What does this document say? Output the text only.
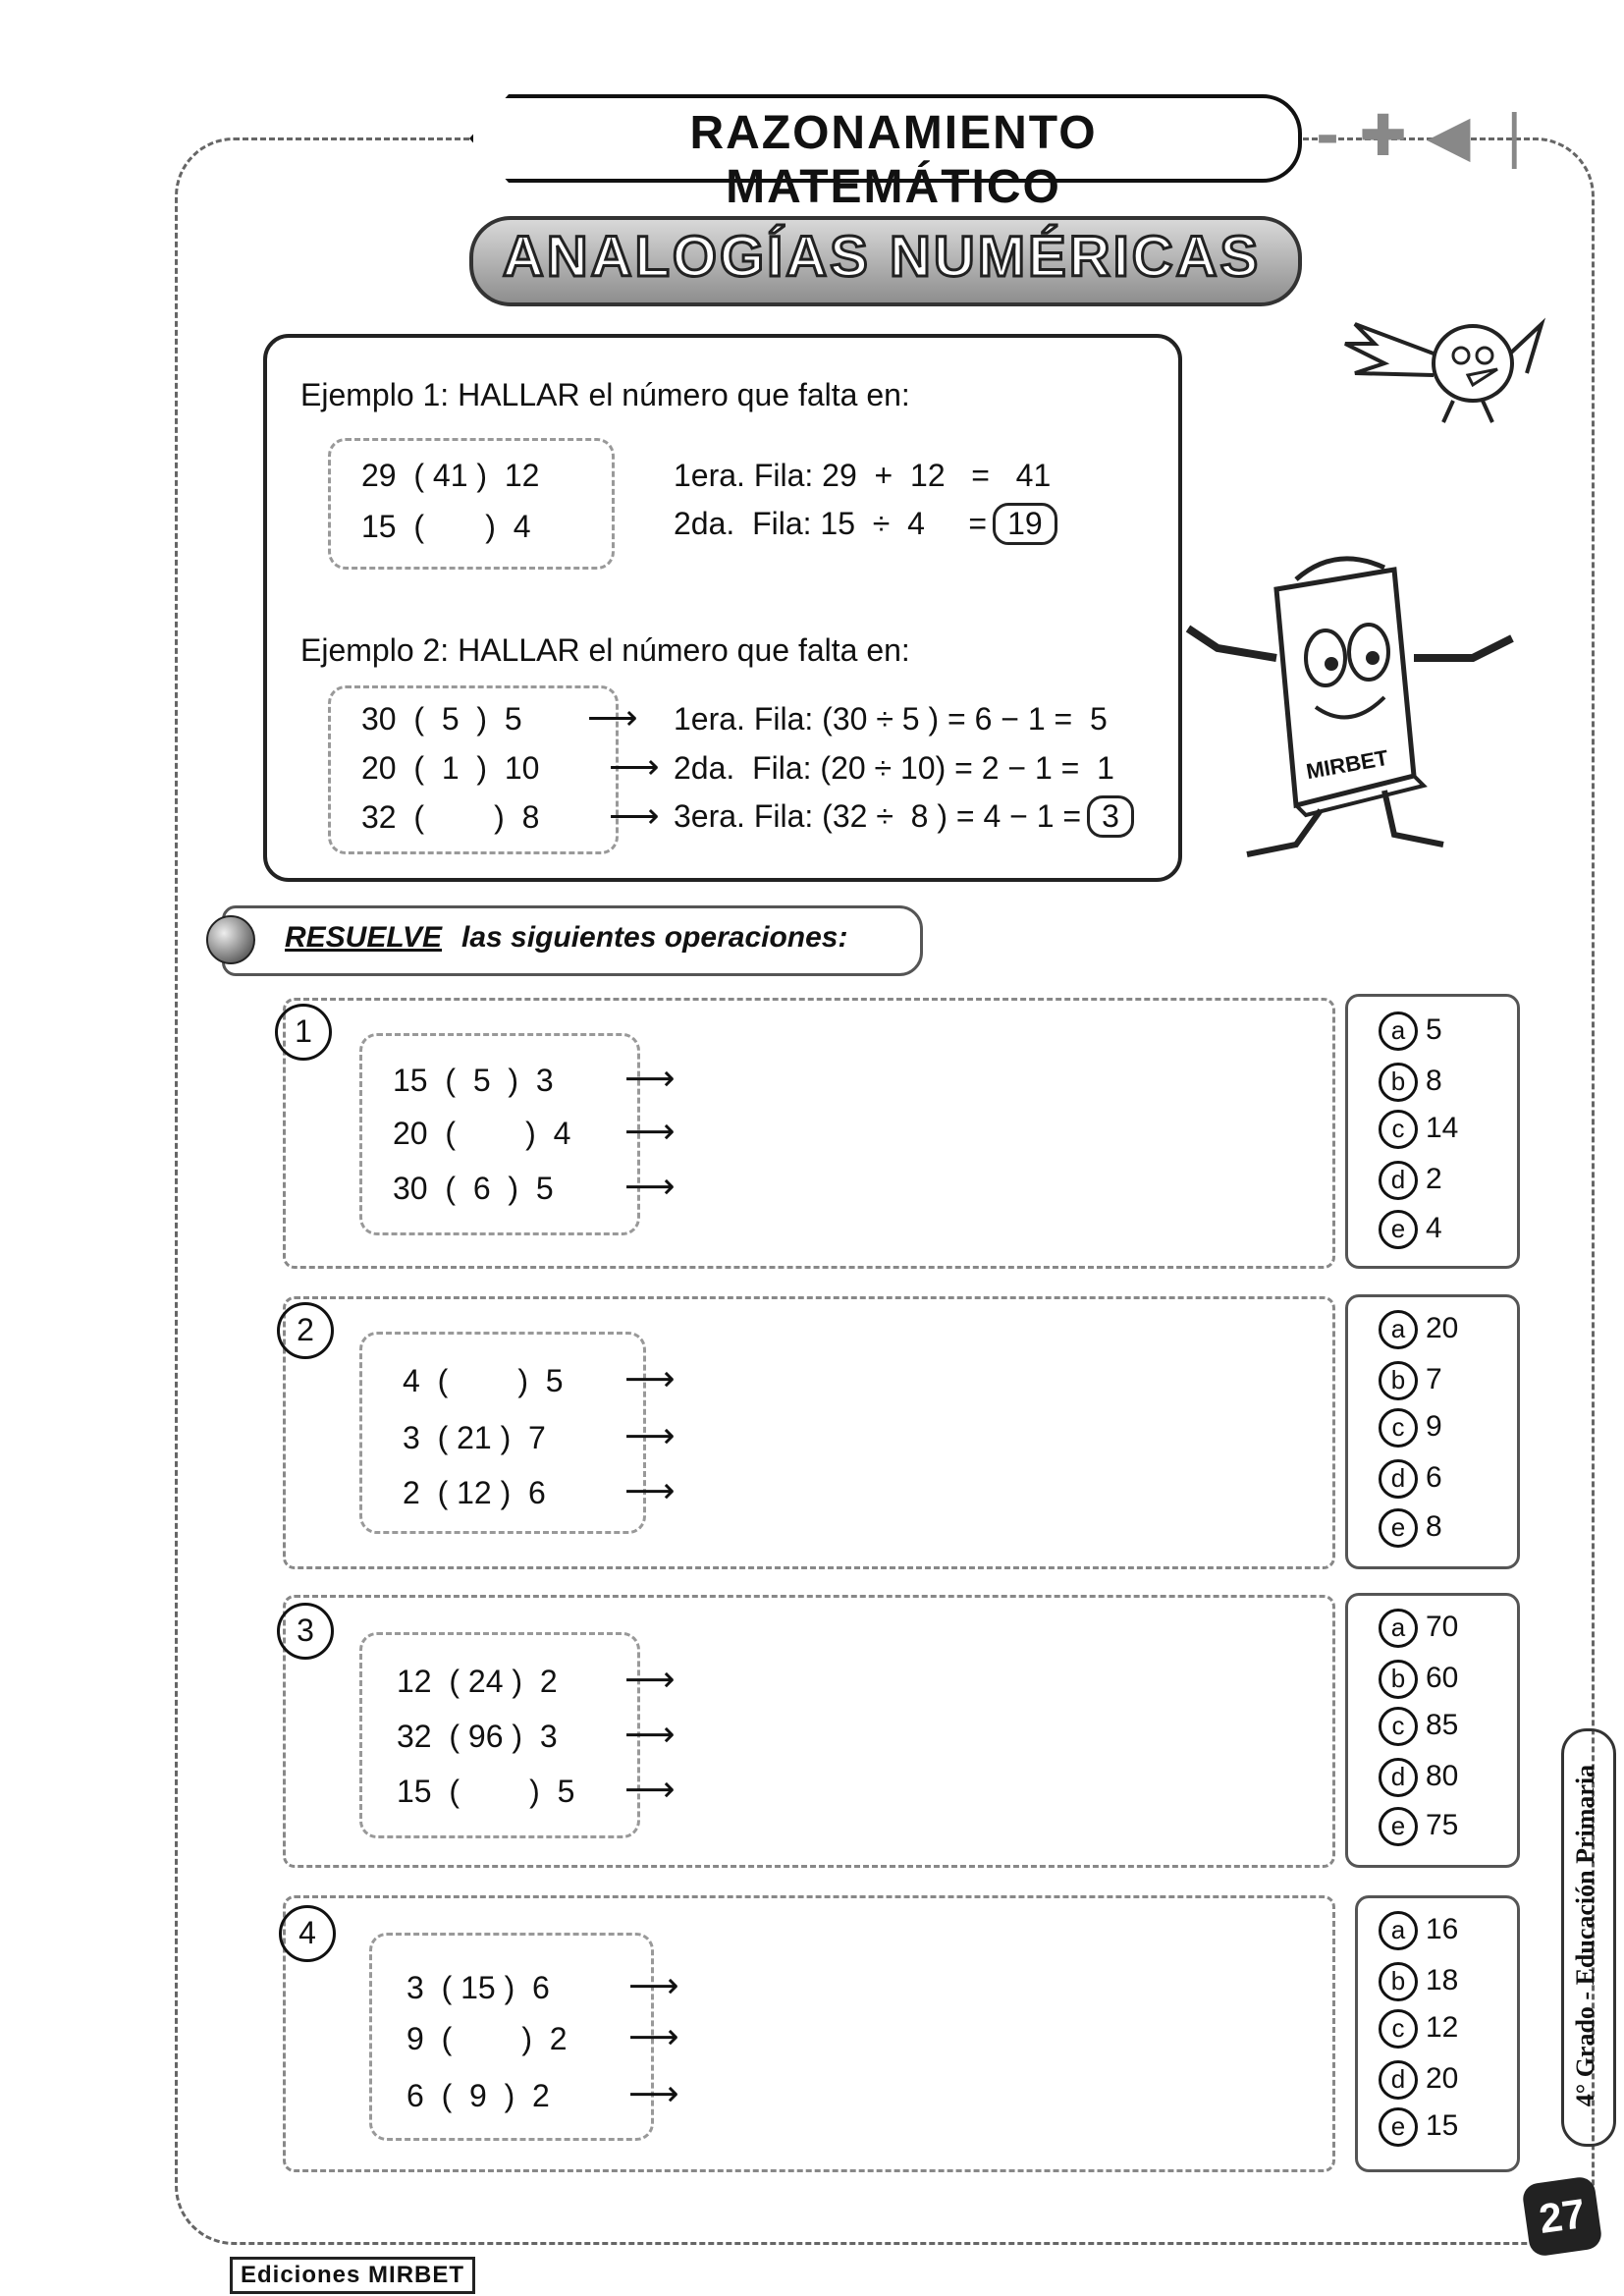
RAZONAMIENTO MATEMÁTICO
- ✚ ◀ ❘
ANALOGÍAS NUMÉRICAS
Ejemplo 1: HALLAR el número que falta en:
29  ( 41 )  12
15  (       )  4
1era. Fila: 29  +  12   =   41
2da.  Fila: 15  ÷  4     = 19
Ejemplo 2: HALLAR el número que falta en:
30  (  5  )  5
20  (  1  )  10
32  (        )  8
⟶
⟶
⟶
1era. Fila: (30 ÷ 5 ) = 6 − 1 =  5
2da.  Fila: (20 ÷ 10) = 2 − 1 =  1
3era. Fila: (32 ÷  8 ) = 4 − 1 = 3
MIRBET
RESUELVE las siguientes operaciones:
1
15  (  5  )  3
20  (        )  4
30  (  6  )  5
⟶
⟶
⟶
a 5
b 8
c 14
d 2
e 4
2
4  (        )  5
3  ( 21 )  7
2  ( 12 )  6
⟶
⟶
⟶
a 20
b 7
c 9
d 6
e 8
3
12  ( 24 )  2
32  ( 96 )  3
15  (        )  5
⟶
⟶
⟶
a 70
b 60
c 85
d 80
e 75
4
3  ( 15 )  6
9  (        )  2
6  (  9  )  2
⟶
⟶
⟶
a 16
b 18
c 12
d 20
e 15
4° Grado - Educación Primaria
Ediciones MIRBET
27
